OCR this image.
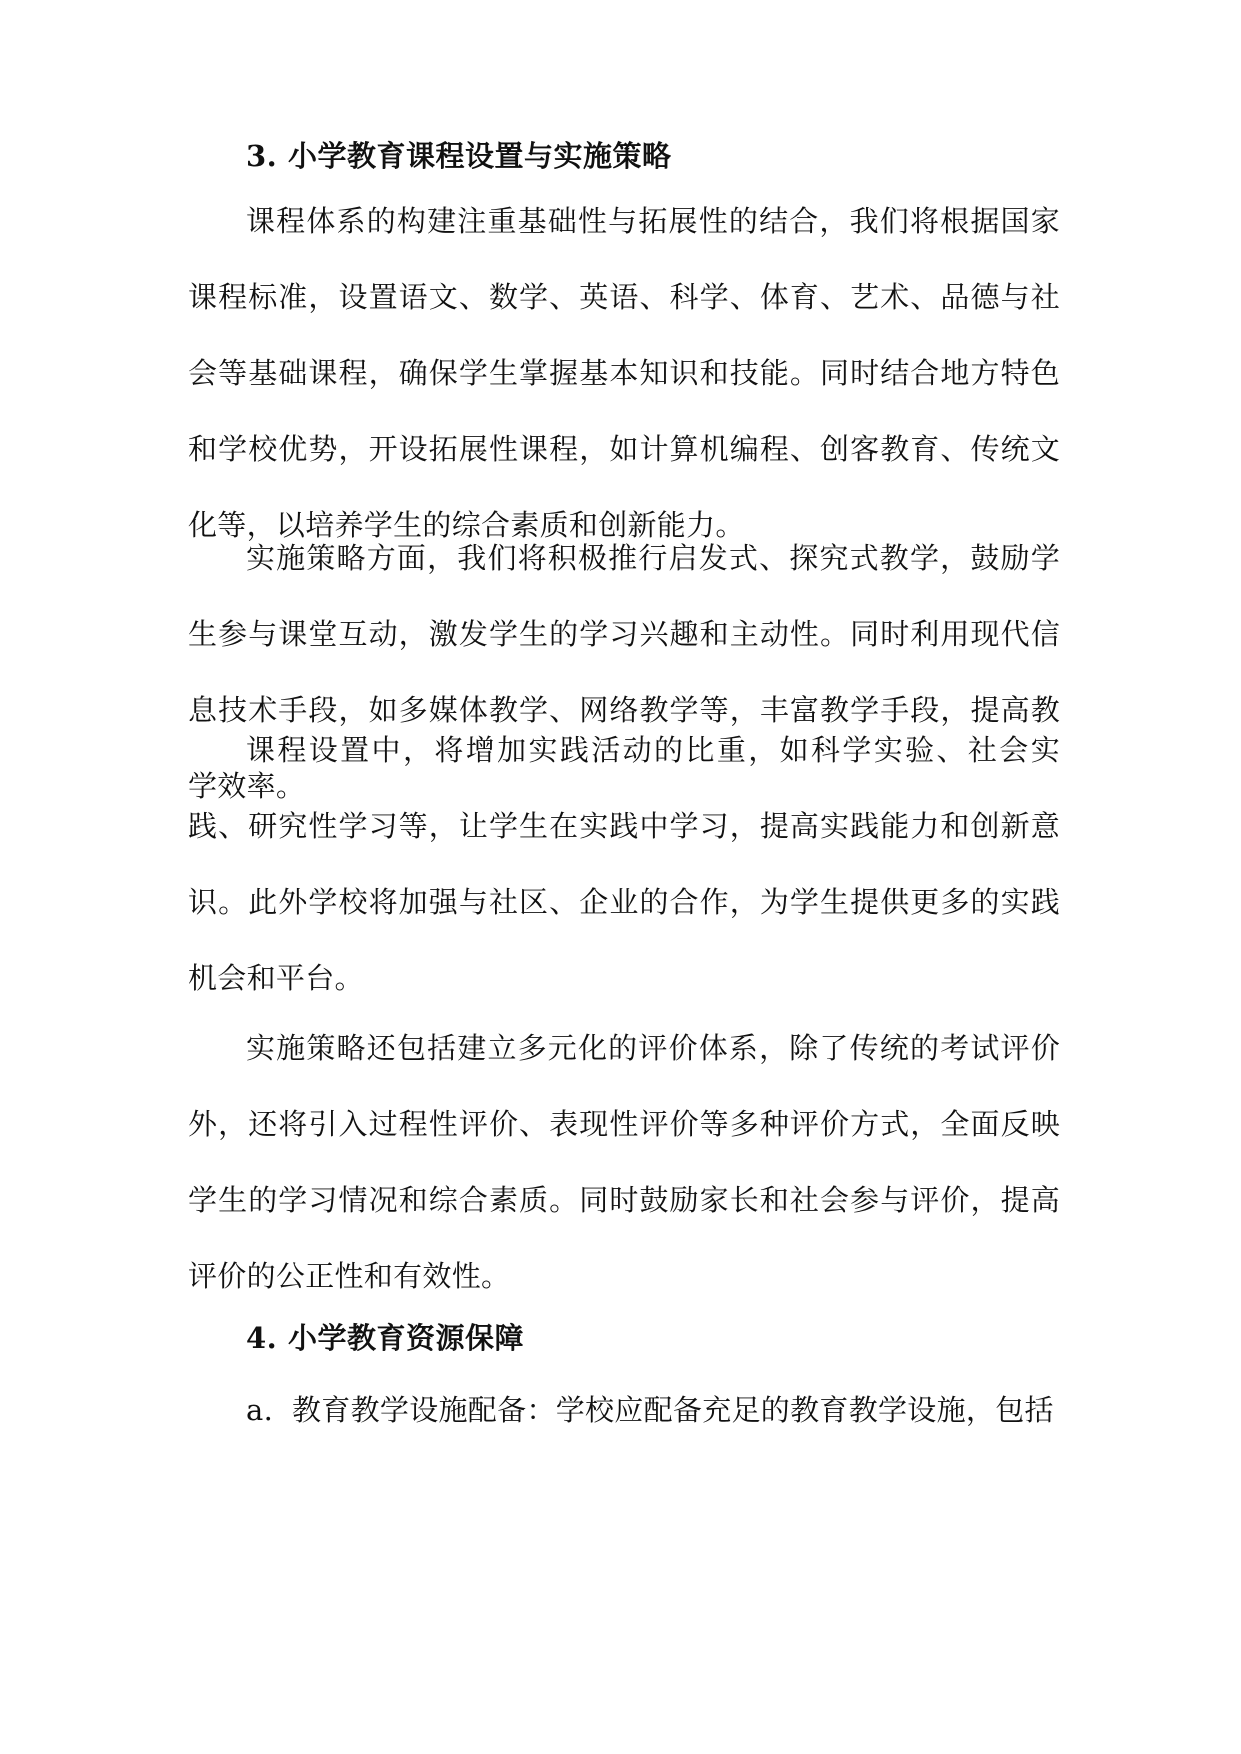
3. 小学教育课程设置与实施策略
课程体系的构建注重基础性与拓展性的结合，我们将根据国家课程标准，设置语文、数学、英语、科学、体育、艺术、品德与社会等基础课程，确保学生掌握基本知识和技能。同时结合地方特色和学校优势，开设拓展性课程，如计算机编程、创客教育、传统文化等，以培养学生的综合素质和创新能力。
实施策略方面，我们将积极推行启发式、探究式教学，鼓励学生参与课堂互动，激发学生的学习兴趣和主动性。同时利用现代信息技术手段，如多媒体教学、网络教学等，丰富教学手段，提高教学效率。
课程设置中，将增加实践活动的比重，如科学实验、社会实践、研究性学习等，让学生在实践中学习，提高实践能力和创新意识。此外学校将加强与社区、企业的合作，为学生提供更多的实践机会和平台。
实施策略还包括建立多元化的评价体系，除了传统的考试评价外，还将引入过程性评价、表现性评价等多种评价方式，全面反映学生的学习情况和综合素质。同时鼓励家长和社会参与评价，提高评价的公正性和有效性。
4. 小学教育资源保障
a. 教育教学设施配备：学校应配备充足的教育教学设施，包括
